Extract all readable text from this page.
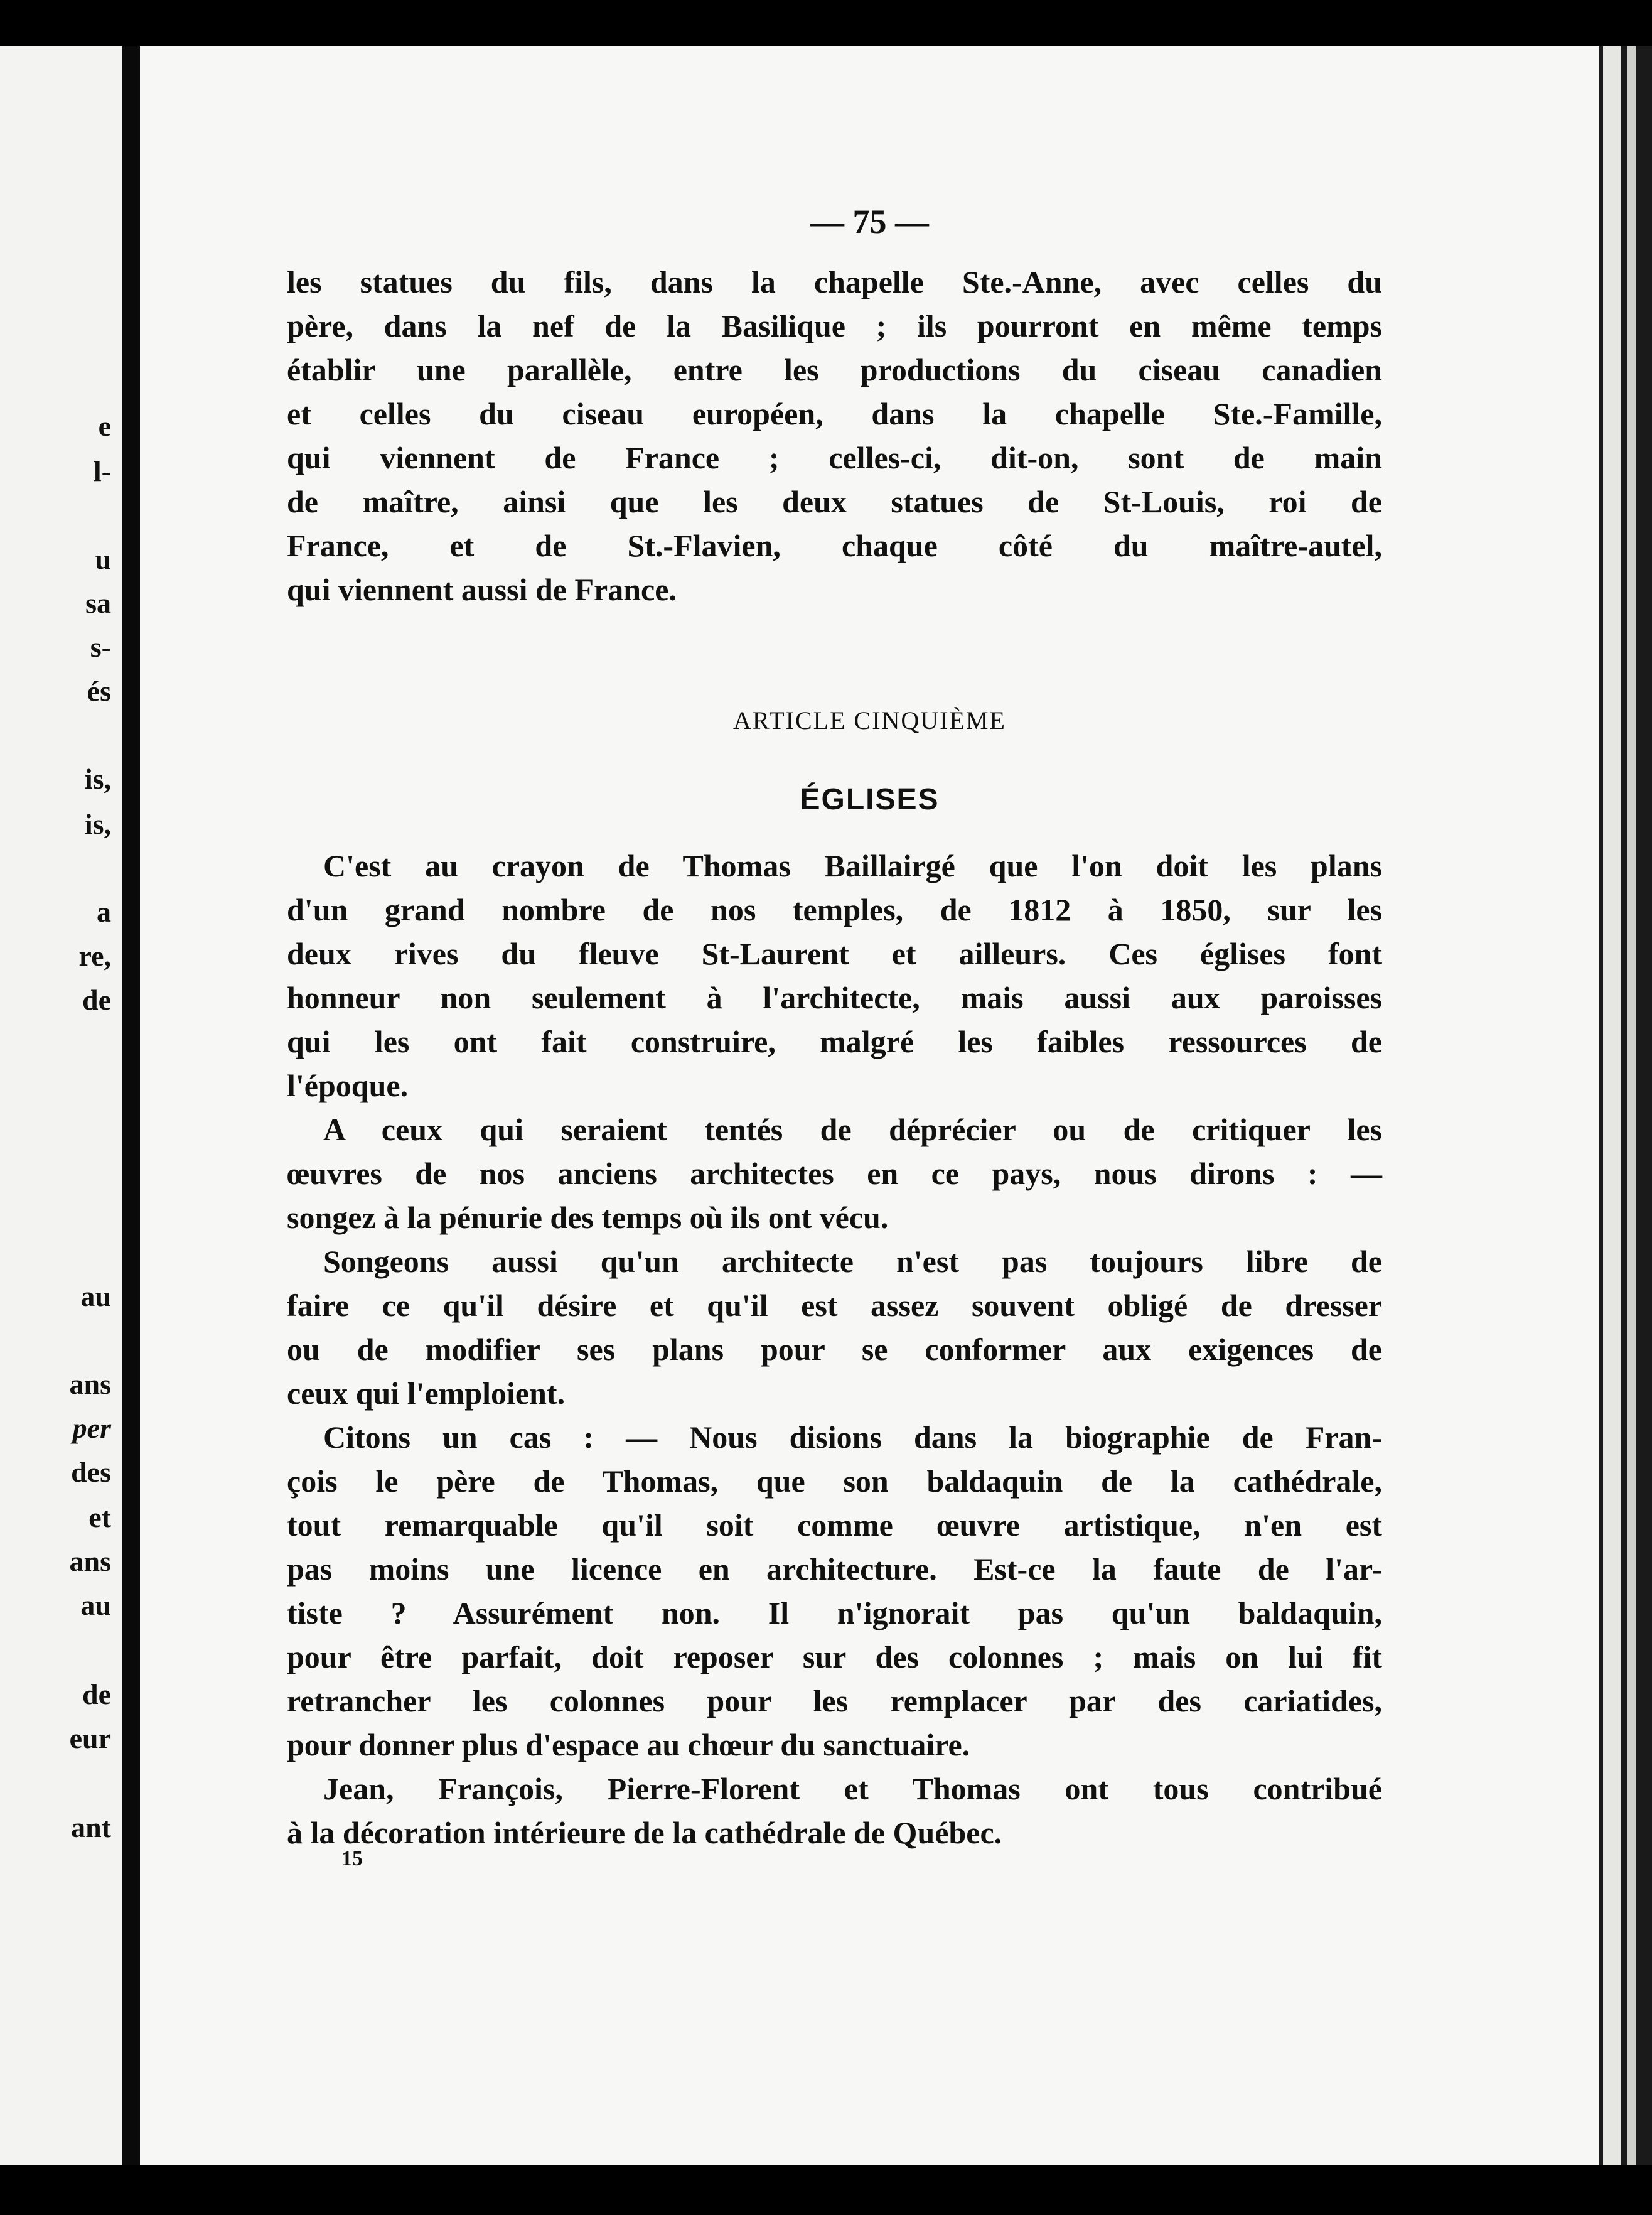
e
l-
u
sa
s-
és
is,
is,
a
re,
de
au
ans
per
des
et
ans
au
de
eur
ant
— 75 —
les statues du fils, dans la chapelle Ste.-Anne, avec celles du
père, dans la nef de la Basilique ; ils pourront en même temps
établir une parallèle, entre les productions du ciseau canadien
et celles du ciseau européen, dans la chapelle Ste.-Famille,
qui viennent de France ; celles-ci, dit-on, sont de main
de maître, ainsi que les deux statues de St-Louis, roi de
France, et de St.-Flavien, chaque côté du maître-autel,
qui viennent aussi de France.
ARTICLE CINQUIÈME
ÉGLISES
C'est au crayon de Thomas Baillairgé que l'on doit les plans
d'un grand nombre de nos temples, de 1812 à 1850, sur les
deux rives du fleuve St-Laurent et ailleurs. Ces églises font
honneur non seulement à l'architecte, mais aussi aux paroisses
qui les ont fait construire, malgré les faibles ressources de
l'époque.
A ceux qui seraient tentés de déprécier ou de critiquer les
œuvres de nos anciens architectes en ce pays, nous dirons : —
songez à la pénurie des temps où ils ont vécu.
Songeons aussi qu'un architecte n'est pas toujours libre de
faire ce qu'il désire et qu'il est assez souvent obligé de dresser
ou de modifier ses plans pour se conformer aux exigences de
ceux qui l'emploient.
Citons un cas : — Nous disions dans la biographie de Fran-
çois le père de Thomas, que son baldaquin de la cathédrale,
tout remarquable qu'il soit comme œuvre artistique, n'en est
pas moins une licence en architecture. Est-ce la faute de l'ar-
tiste ? Assurément non. Il n'ignorait pas qu'un baldaquin,
pour être parfait, doit reposer sur des colonnes ; mais on lui fit
retrancher les colonnes pour les remplacer par des cariatides,
pour donner plus d'espace au chœur du sanctuaire.
Jean, François, Pierre-Florent et Thomas ont tous contribué
à la décoration intérieure de la cathédrale de Québec.
15
